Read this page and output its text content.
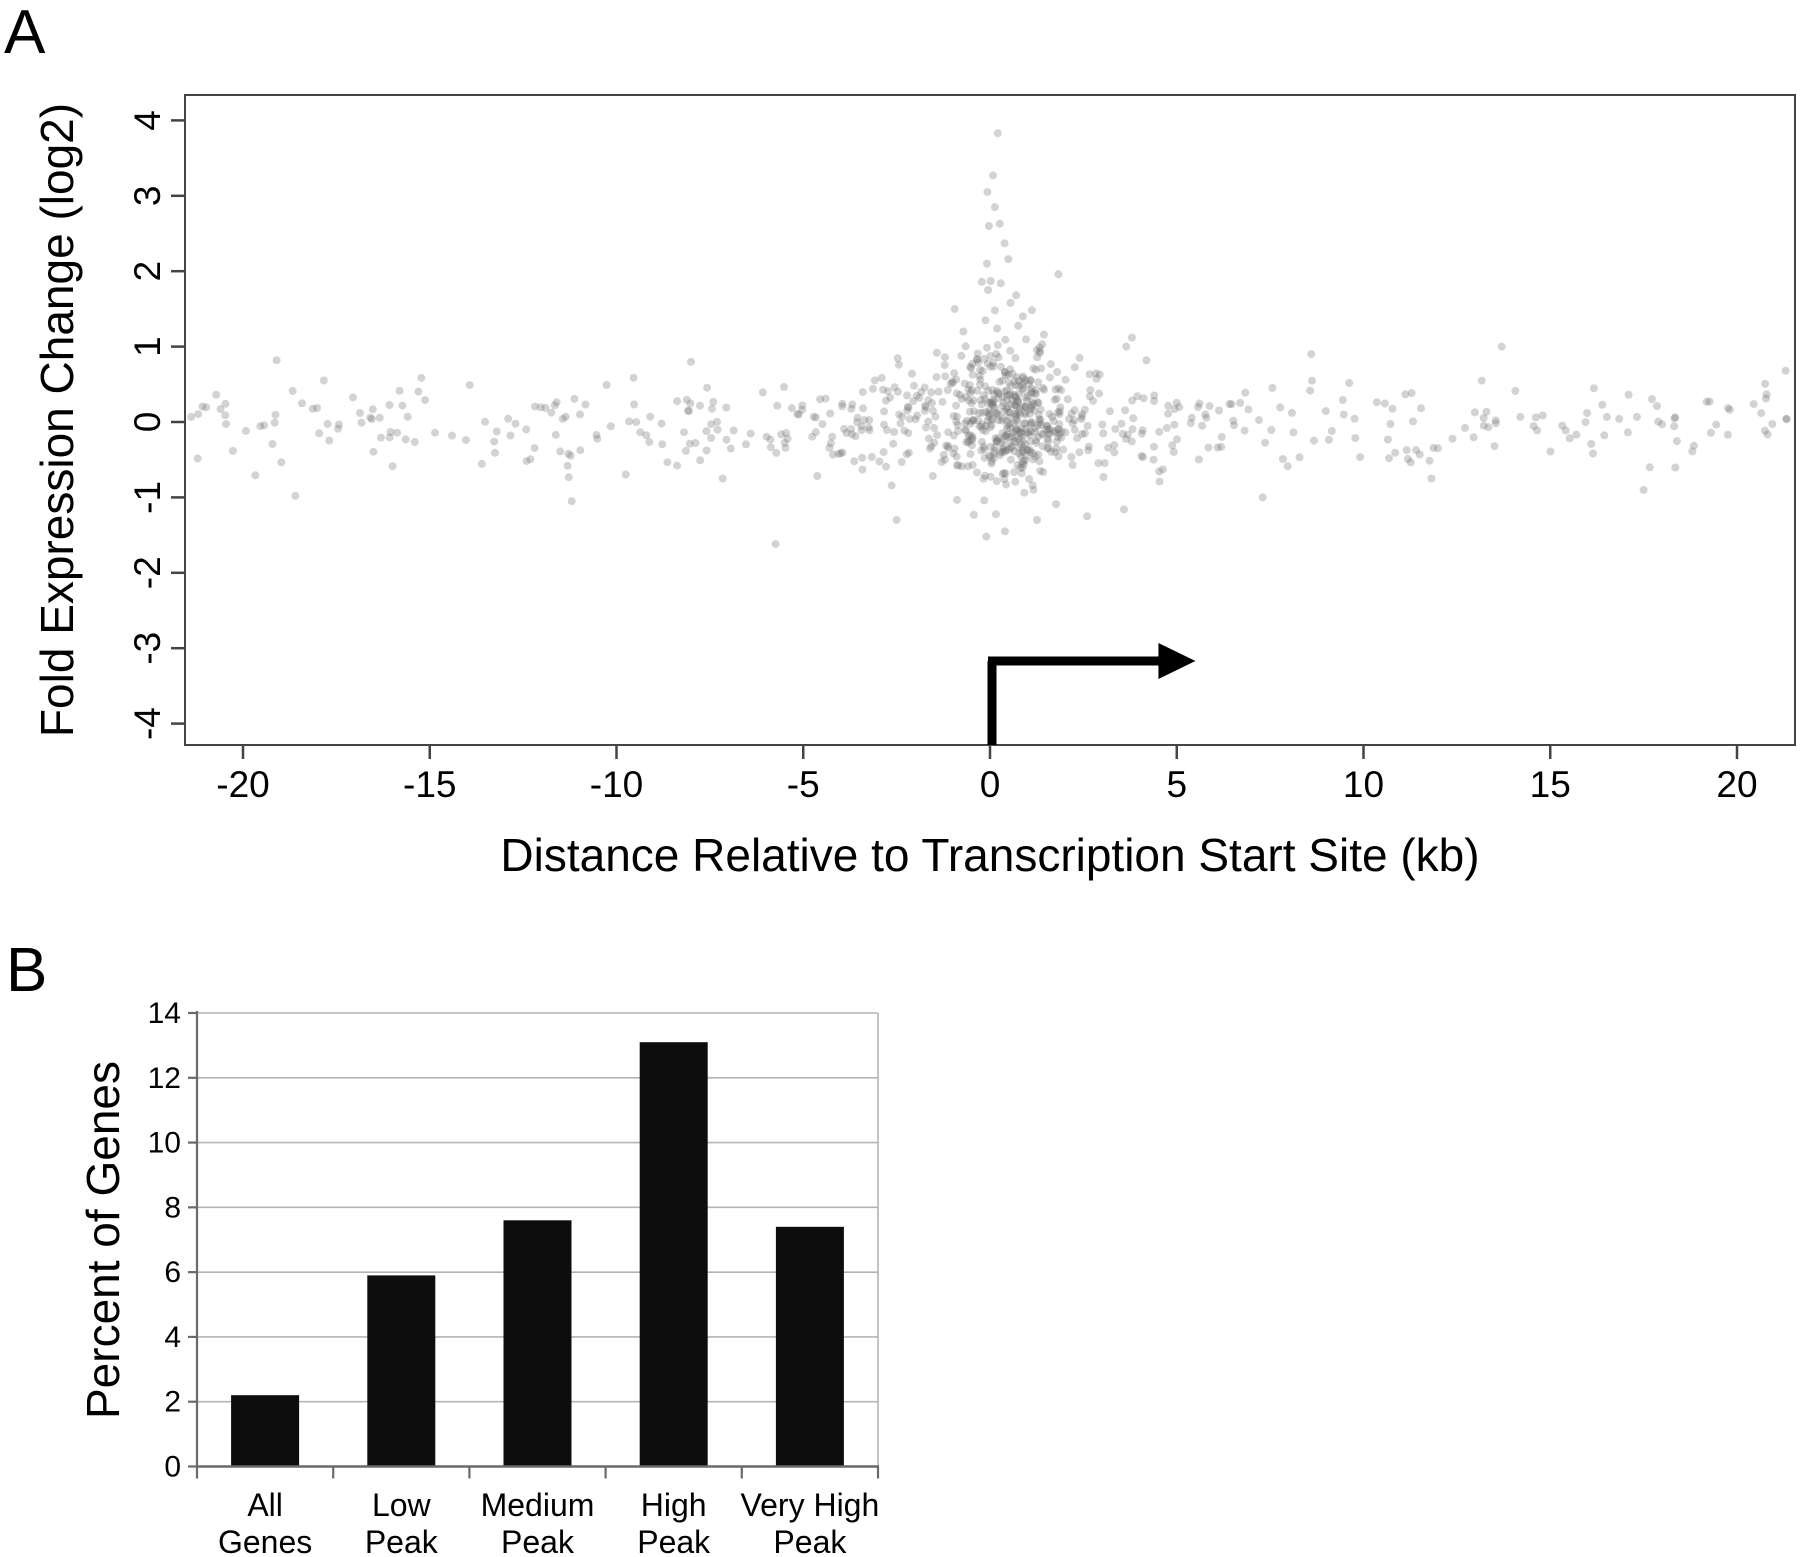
A
B
-20	-15	-10	-5	0	5	10	15	20
-4
-3
-2
-1
0
1
2
3
4
0
2
4
6
8
10
12
14
All
Genes
Low
Peak
Medium
Peak
High
Peak
Very High
Peak
Distance Relative to Transcription Start Site (kb)
Fold Expression Change (log2)
Percent of Genes
